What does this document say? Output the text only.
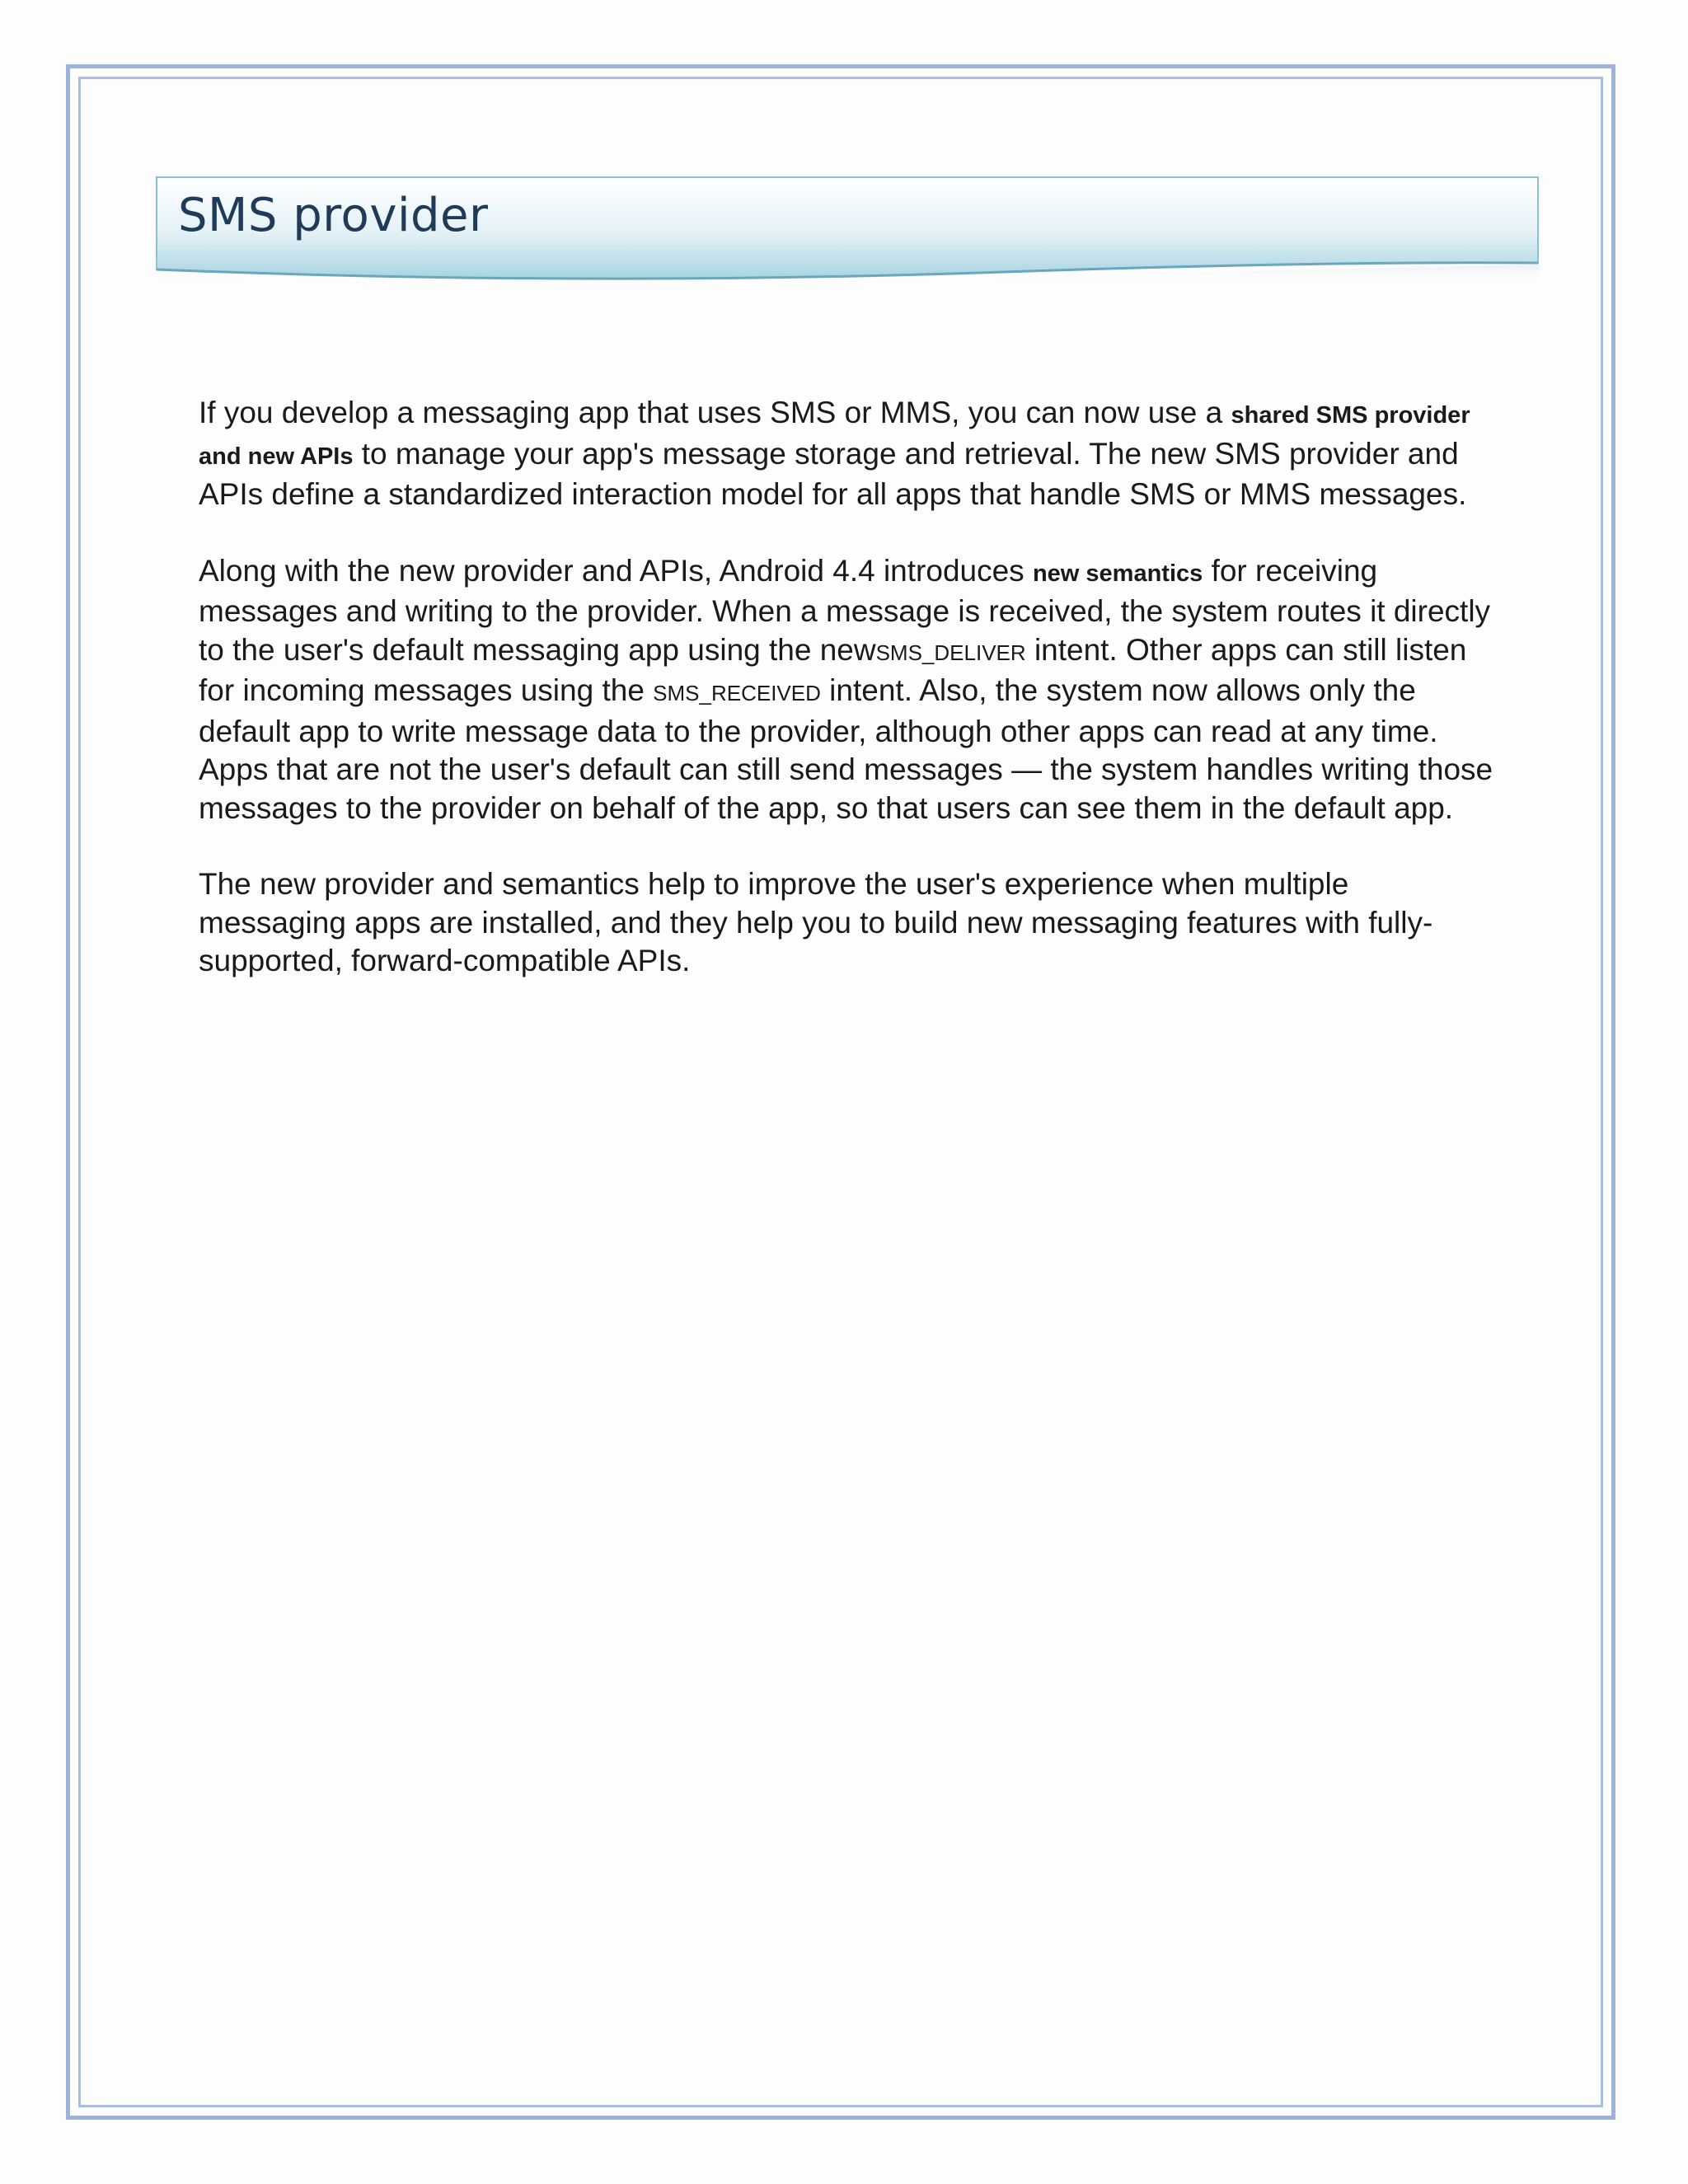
SMS provider

If you develop a messaging app that uses SMS or MMS, you can now use a shared SMS provider and new APIs to manage your app's message storage and retrieval. The new SMS provider and APIs define a standardized interaction model for all apps that handle SMS or MMS messages.

Along with the new provider and APIs, Android 4.4 introduces new semantics for receiving messages and writing to the provider. When a message is received, the system routes it directly to the user's default messaging app using the newSMS_DELIVER intent. Other apps can still listen for incoming messages using the SMS_RECEIVED intent. Also, the system now allows only the default app to write message data to the provider, although other apps can read at any time. Apps that are not the user's default can still send messages — the system handles writing those messages to the provider on behalf of the app, so that users can see them in the default app.

The new provider and semantics help to improve the user's experience when multiple messaging apps are installed, and they help you to build new messaging features with fully-supported, forward-compatible APIs.
